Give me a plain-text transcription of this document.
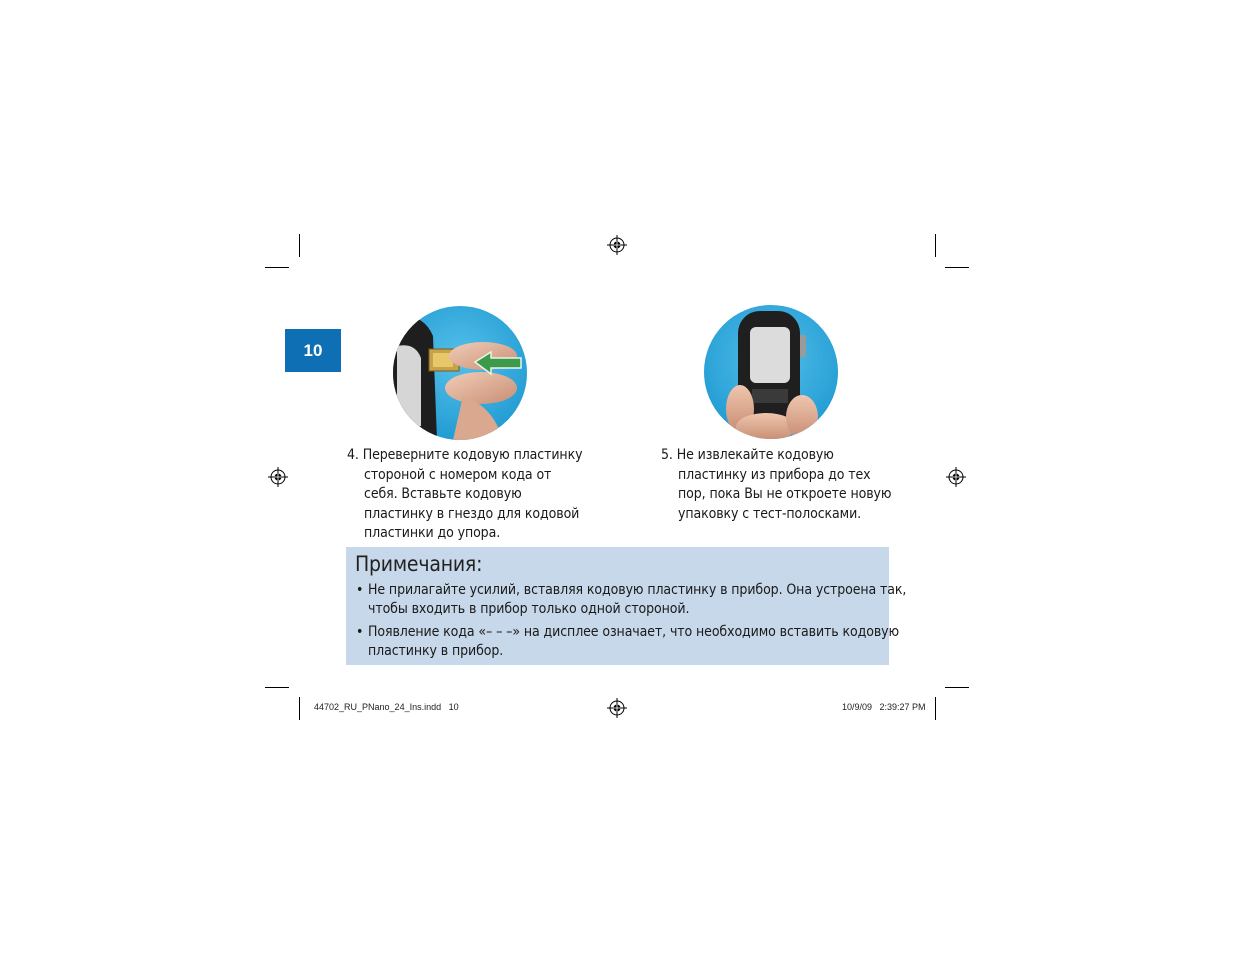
10
4. Переверните кодовую пластинку
стороной с номером кода от
себя. Вставьте кодовую
пластинку в гнездо для кодовой
пластинки до упора.
5. Не извлекайте кодовую
пластинку из прибора до тех
пор, пока Вы не откроете новую
упаковку с тест-полосками.
Примечания:
• Не прилагайте усилий, вставляя кодовую пластинку в прибор. Она устроена так,
чтобы входить в прибор только одной стороной.
• Появление кода «– – –» на дисплее означает, что необходимо вставить кодовую
пластинку в прибор.
44702_RU_PNano_24_Ins.indd   10	10/9/09   2:39:27 PM
